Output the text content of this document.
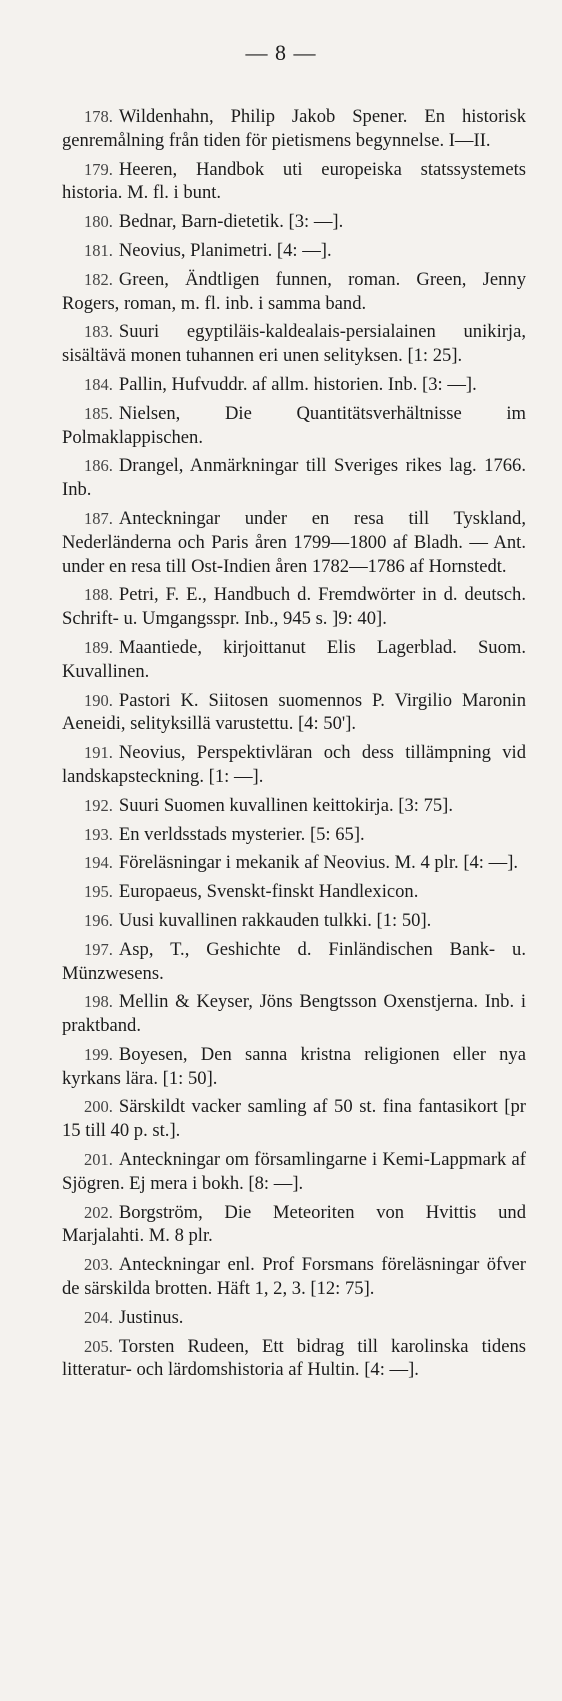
— 8 —

178. Wildenhahn, Philip Jakob Spener. En historisk genremålning från tiden för pietismens begynnelse. I—II.

179. Heeren, Handbok uti europeiska statssystemets historia. M. fl. i bunt.

180. Bednar, Barn-dietetik. [3: —].

181. Neovius, Planimetri. [4: —].

182. Green, Ändtligen funnen, roman. Green, Jenny Rogers, roman, m. fl. inb. i samma band.

183. Suuri egyptiläis-kaldealais-persialainen unikirja, sisältävä monen tuhannen eri unen selityksen. [1: 25].

184. Pallin, Hufvuddr. af allm. historien. Inb. [3: —].

185. Nielsen, Die Quantitätsverhältnisse im Polmaklappischen.

186. Drangel, Anmärkningar till Sveriges rikes lag. 1766. Inb.

187. Anteckningar under en resa till Tyskland, Nederländerna och Paris åren 1799—1800 af Bladh. — Ant. under en resa till Ost-Indien åren 1782—1786 af Hornstedt.

188. Petri, F. E., Handbuch d. Fremdwörter in d. deutsch. Schrift- u. Umgangsspr. Inb., 945 s. ]9: 40].

189. Maantiede, kirjoittanut Elis Lagerblad. Suom. Kuvallinen.

190. Pastori K. Siitosen suomennos P. Virgilio Maronin Aeneidi, selityksillä varustettu. [4: 50'].

191. Neovius, Perspektivläran och dess tillämpning vid landskapsteckning. [1: —].

192. Suuri Suomen kuvallinen keittokirja. [3: 75].

193. En verldsstads mysterier. [5: 65].

194. Föreläsningar i mekanik af Neovius. M. 4 plr. [4: —].

195. Europaeus, Svenskt-finskt Handlexicon.

196. Uusi kuvallinen rakkauden tulkki. [1: 50].

197. Asp, T., Geshichte d. Finländischen Bank- u. Münzwesens.

198. Mellin & Keyser, Jöns Bengtsson Oxenstjerna. Inb. i praktband.

199. Boyesen, Den sanna kristna religionen eller nya kyrkans lära. [1: 50].

200. Särskildt vacker samling af 50 st. fina fantasikort [pr 15 till 40 p. st.].

201. Anteckningar om församlingarne i Kemi-Lappmark af Sjögren. Ej mera i bokh. [8: —].

202. Borgström, Die Meteoriten von Hvittis und Marjalahti. M. 8 plr.

203. Anteckningar enl. Prof Forsmans föreläsningar öfver de särskilda brotten. Häft 1, 2, 3. [12: 75].

204. Justinus.

205. Torsten Rudeen, Ett bidrag till karolinska tidens litteratur- och lärdomshistoria af Hultin. [4: —].
